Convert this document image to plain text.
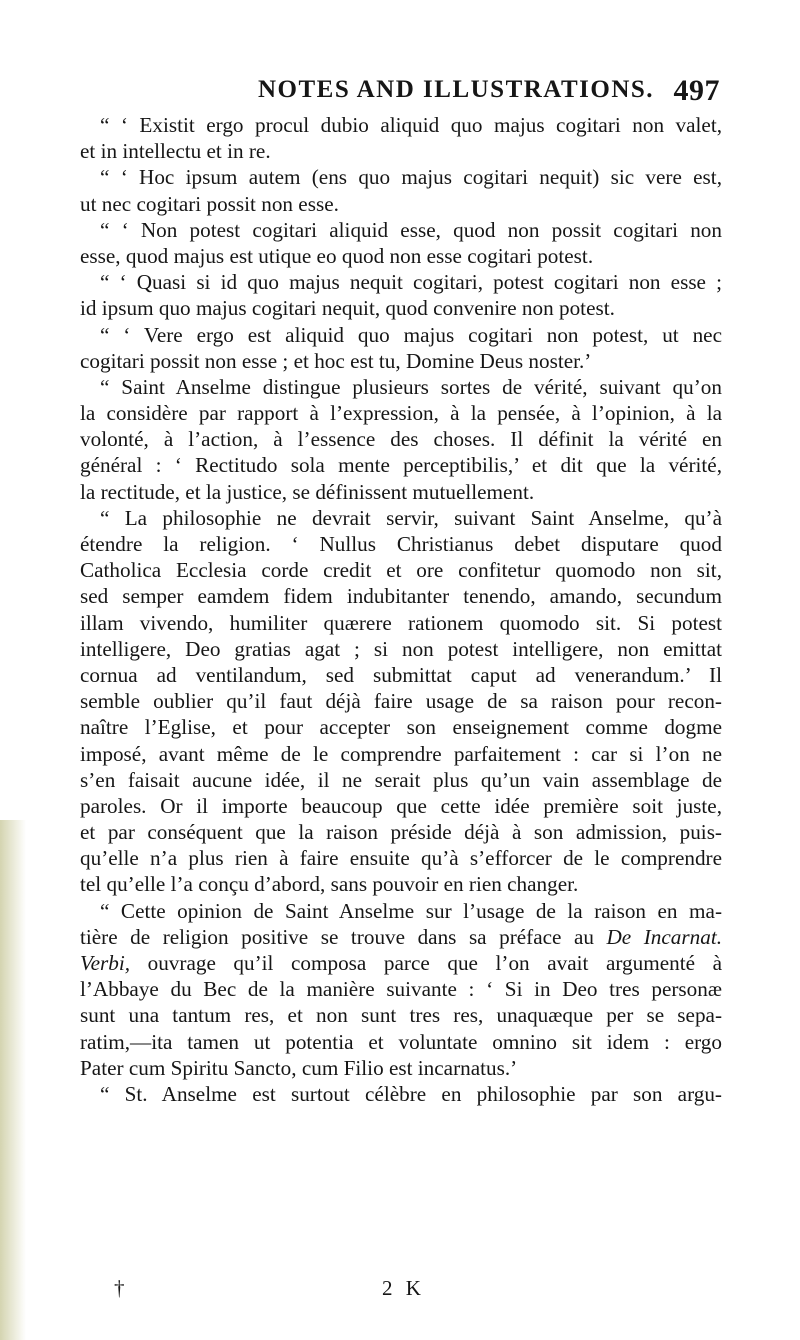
NOTES AND ILLUSTRATIONS. 497
“ ‘ Existit ergo procul dubio aliquid quo majus cogitari non valet,
et in intellectu et in re.
“ ‘ Hoc ipsum autem (ens quo majus cogitari nequit) sic vere est,
ut nec cogitari possit non esse.
“ ‘ Non potest cogitari aliquid esse, quod non possit cogitari non
esse, quod majus est utique eo quod non esse cogitari potest.
“ ‘ Quasi si id quo majus nequit cogitari, potest cogitari non esse ;
id ipsum quo majus cogitari nequit, quod convenire non potest.
“ ‘ Vere ergo est aliquid quo majus cogitari non potest, ut nec
cogitari possit non esse ; et hoc est tu, Domine Deus noster.’
“ Saint Anselme distingue plusieurs sortes de vérité, suivant qu’on
la considère par rapport à l’expression, à la pensée, à l’opinion, à la
volonté, à l’action, à l’essence des choses. Il définit la vérité en
général : ‘ Rectitudo sola mente perceptibilis,’ et dit que la vérité,
la rectitude, et la justice, se définissent mutuellement.
“ La philosophie ne devrait servir, suivant Saint Anselme, qu’à
étendre la religion. ‘ Nullus Christianus debet disputare quod
Catholica Ecclesia corde credit et ore confitetur quomodo non sit,
sed semper eamdem fidem indubitanter tenendo, amando, secundum
illam vivendo, humiliter quærere rationem quomodo sit. Si potest
intelligere, Deo gratias agat ; si non potest intelligere, non emittat
cornua ad ventilandum, sed submittat caput ad venerandum.’ Il
semble oublier qu’il faut déjà faire usage de sa raison pour recon-
naître l’Eglise, et pour accepter son enseignement comme dogme
imposé, avant même de le comprendre parfaitement : car si l’on ne
s’en faisait aucune idée, il ne serait plus qu’un vain assemblage de
paroles. Or il importe beaucoup que cette idée première soit juste,
et par conséquent que la raison préside déjà à son admission, puis-
qu’elle n’a plus rien à faire ensuite qu’à s’efforcer de le comprendre
tel qu’elle l’a conçu d’abord, sans pouvoir en rien changer.
“ Cette opinion de Saint Anselme sur l’usage de la raison en ma-
tière de religion positive se trouve dans sa préface au De Incarnat.
Verbi, ouvrage qu’il composa parce que l’on avait argumenté à
l’Abbaye du Bec de la manière suivante : ‘ Si in Deo tres personæ
sunt una tantum res, et non sunt tres res, unaquæque per se sepa-
ratim,—ita tamen ut potentia et voluntate omnino sit idem : ergo
Pater cum Spiritu Sancto, cum Filio est incarnatus.’
“ St. Anselme est surtout célèbre en philosophie par son argu-
†	2 K
